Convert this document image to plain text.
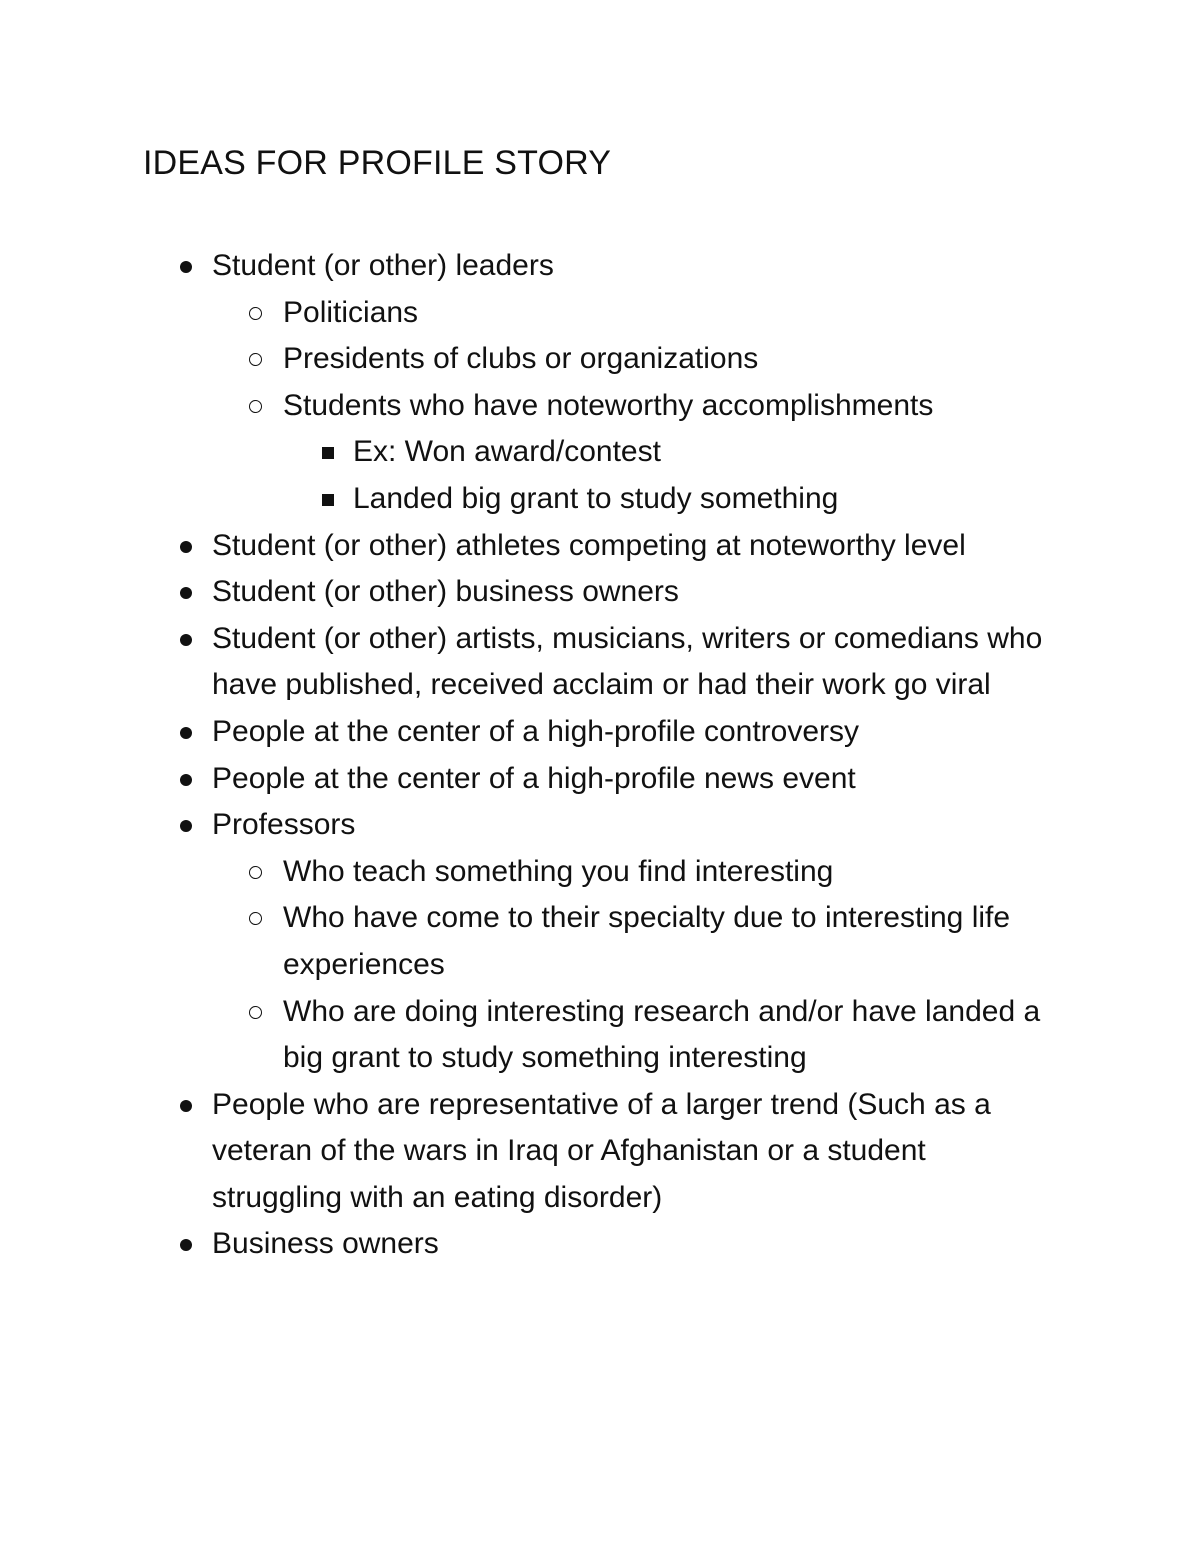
IDEAS FOR PROFILE STORY
Student (or other) leaders
Politicians
Presidents of clubs or organizations
Students who have noteworthy accomplishments
Ex: Won award/contest
Landed big grant to study something
Student (or other) athletes competing at noteworthy level
Student (or other) business owners
Student (or other) artists, musicians, writers or comedians who have published, received acclaim or had their work go viral
People at the center of a high-profile controversy
People at the center of a high-profile news event
Professors
Who teach something you find interesting
Who have come to their specialty due to interesting life experiences
Who are doing interesting research and/or have landed a big grant to study something interesting
People who are representative of a larger trend (Such as a veteran of the wars in Iraq or Afghanistan or a student struggling with an eating disorder)
Business owners
